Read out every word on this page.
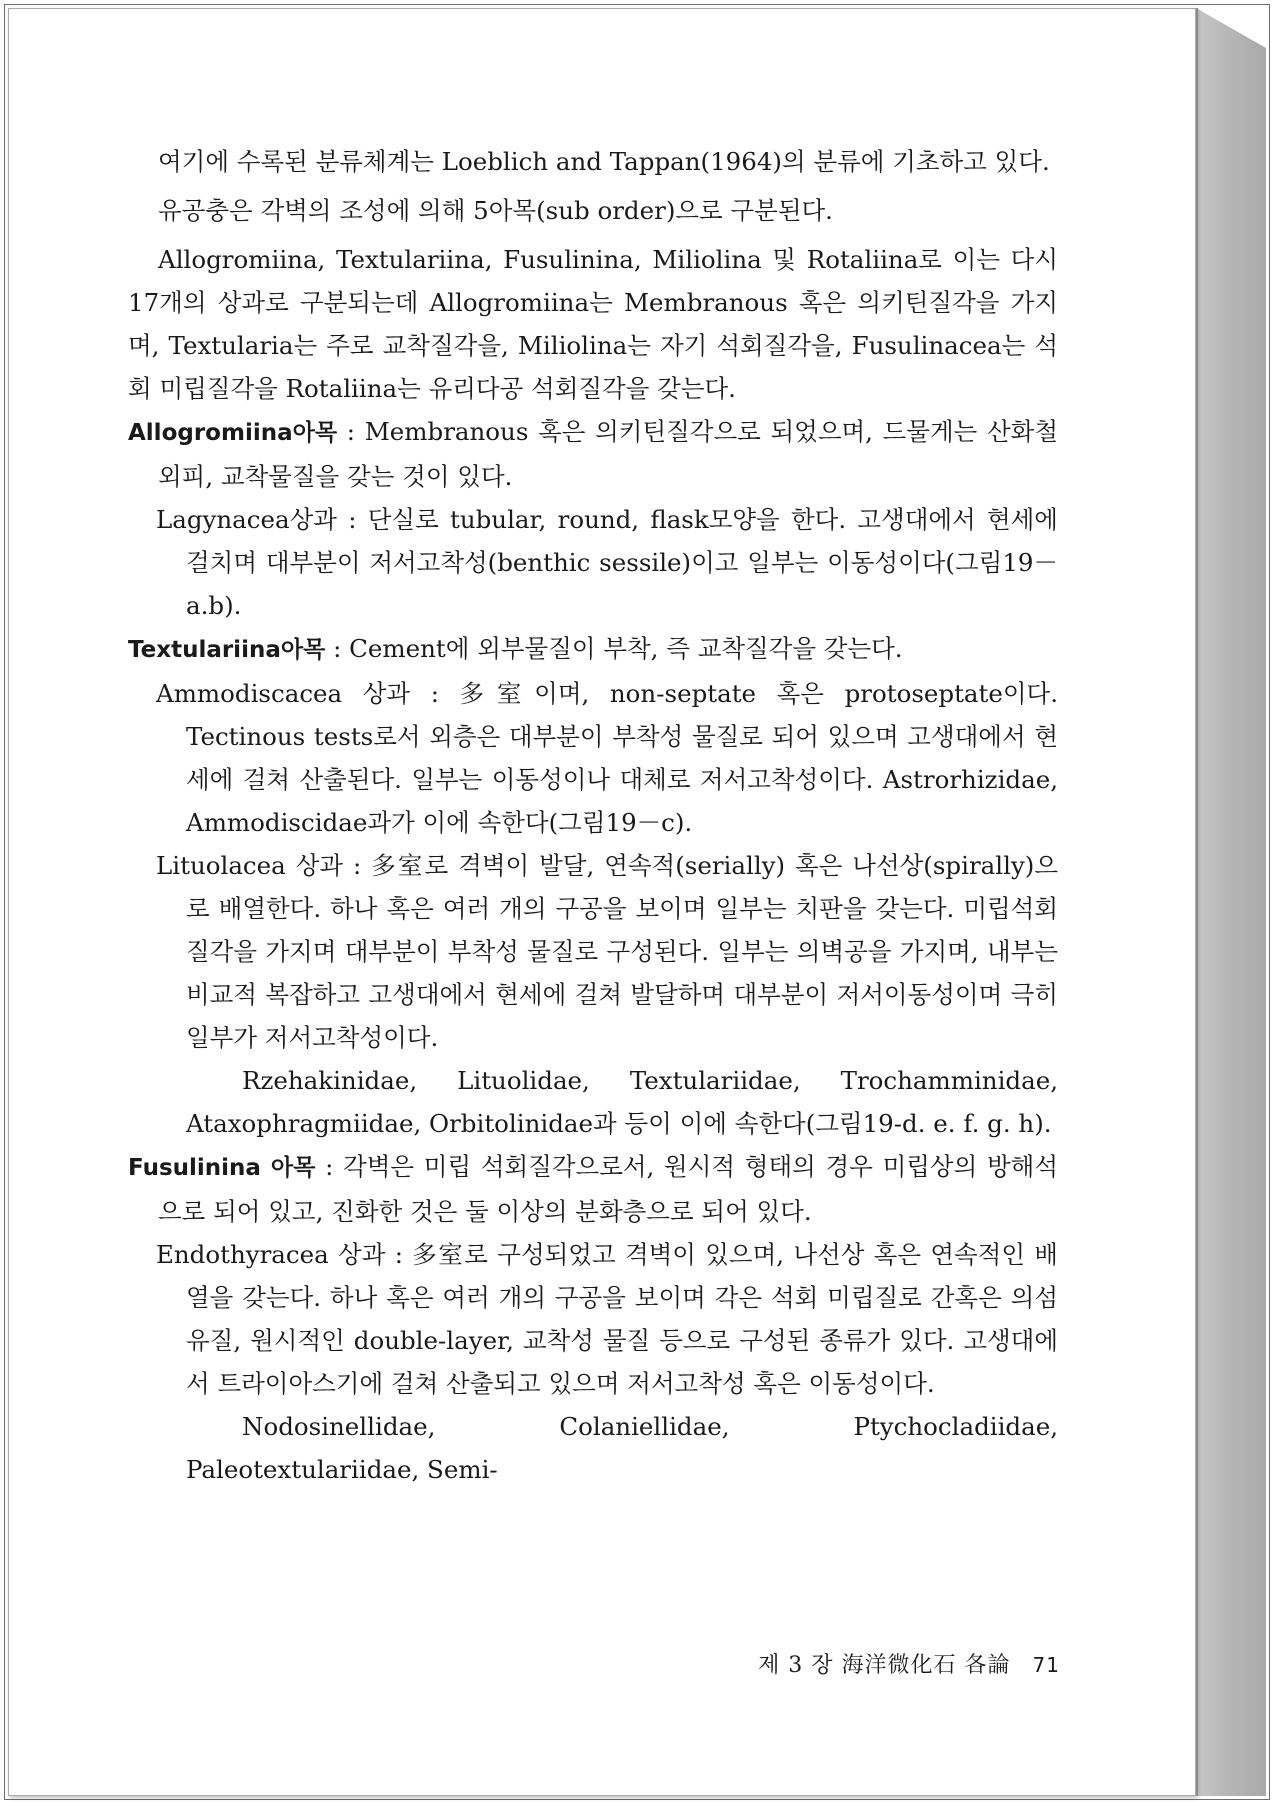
여기에 수록된 분류체계는 Loeblich and Tappan(1964)의 분류에 기초하고 있다.

유공충은 각벽의 조성에 의해 5아목(sub order)으로 구분된다.

Allogromiina, Textulariina, Fusulinina, Miliolina 및 Rotaliina로 이는 다시 17개의 상과로 구분되는데 Allogromiina는 Membranous 혹은 의키틴질각을 가지며, Textularia는 주로 교착질각을, Miliolina는 자기 석회질각을, Fusulinacea는 석회 미립질각을 Rotaliina는 유리다공 석회질각을 갖는다.

Allogromiina아목 : Membranous 혹은 의키틴질각으로 되었으며, 드물게는 산화철외피, 교착물질을 갖는 것이 있다.

Lagynacea상과 : 단실로 tubular, round, flask모양을 한다. 고생대에서 현세에 걸치며 대부분이 저서고착성(benthic sessile)이고 일부는 이동성이다(그림19－a.b).

Textulariina아목 : Cement에 외부물질이 부착, 즉 교착질각을 갖는다.

Ammodiscacea 상과 : 多室이며, non-septate 혹은 protoseptate이다. Tectinous tests로서 외층은 대부분이 부착성 물질로 되어 있으며 고생대에서 현세에 걸쳐 산출된다. 일부는 이동성이나 대체로 저서고착성이다. Astrorhizidae, Ammodiscidae과가 이에 속한다(그림19－c).

Lituolacea 상과 : 多室로 격벽이 발달, 연속적(serially) 혹은 나선상(spirally)으로 배열한다. 하나 혹은 여러 개의 구공을 보이며 일부는 치판을 갖는다. 미립석회질각을 가지며 대부분이 부착성 물질로 구성된다. 일부는 의벽공을 가지며, 내부는 비교적 복잡하고 고생대에서 현세에 걸쳐 발달하며 대부분이 저서이동성이며 극히 일부가 저서고착성이다.

Rzehakinidae, Lituolidae, Textulariidae, Trochamminidae, Ataxophragmiidae, Orbitolinidae과 등이 이에 속한다(그림19-d. e. f. g. h).

Fusulinina 아목 : 각벽은 미립 석회질각으로서, 원시적 형태의 경우 미립상의 방해석으로 되어 있고, 진화한 것은 둘 이상의 분화층으로 되어 있다.

Endothyracea 상과 : 多室로 구성되었고 격벽이 있으며, 나선상 혹은 연속적인 배열을 갖는다. 하나 혹은 여러 개의 구공을 보이며 각은 석회 미립질로 간혹은 의섬유질, 원시적인 double-layer, 교착성 물질 등으로 구성된 종류가 있다. 고생대에서 트라이아스기에 걸쳐 산출되고 있으며 저서고착성 혹은 이동성이다.

Nodosinellidae, Colaniellidae, Ptychocladiidae, Paleotextulariidae, Semi-

제 3 장 海洋微化石 各論 71
